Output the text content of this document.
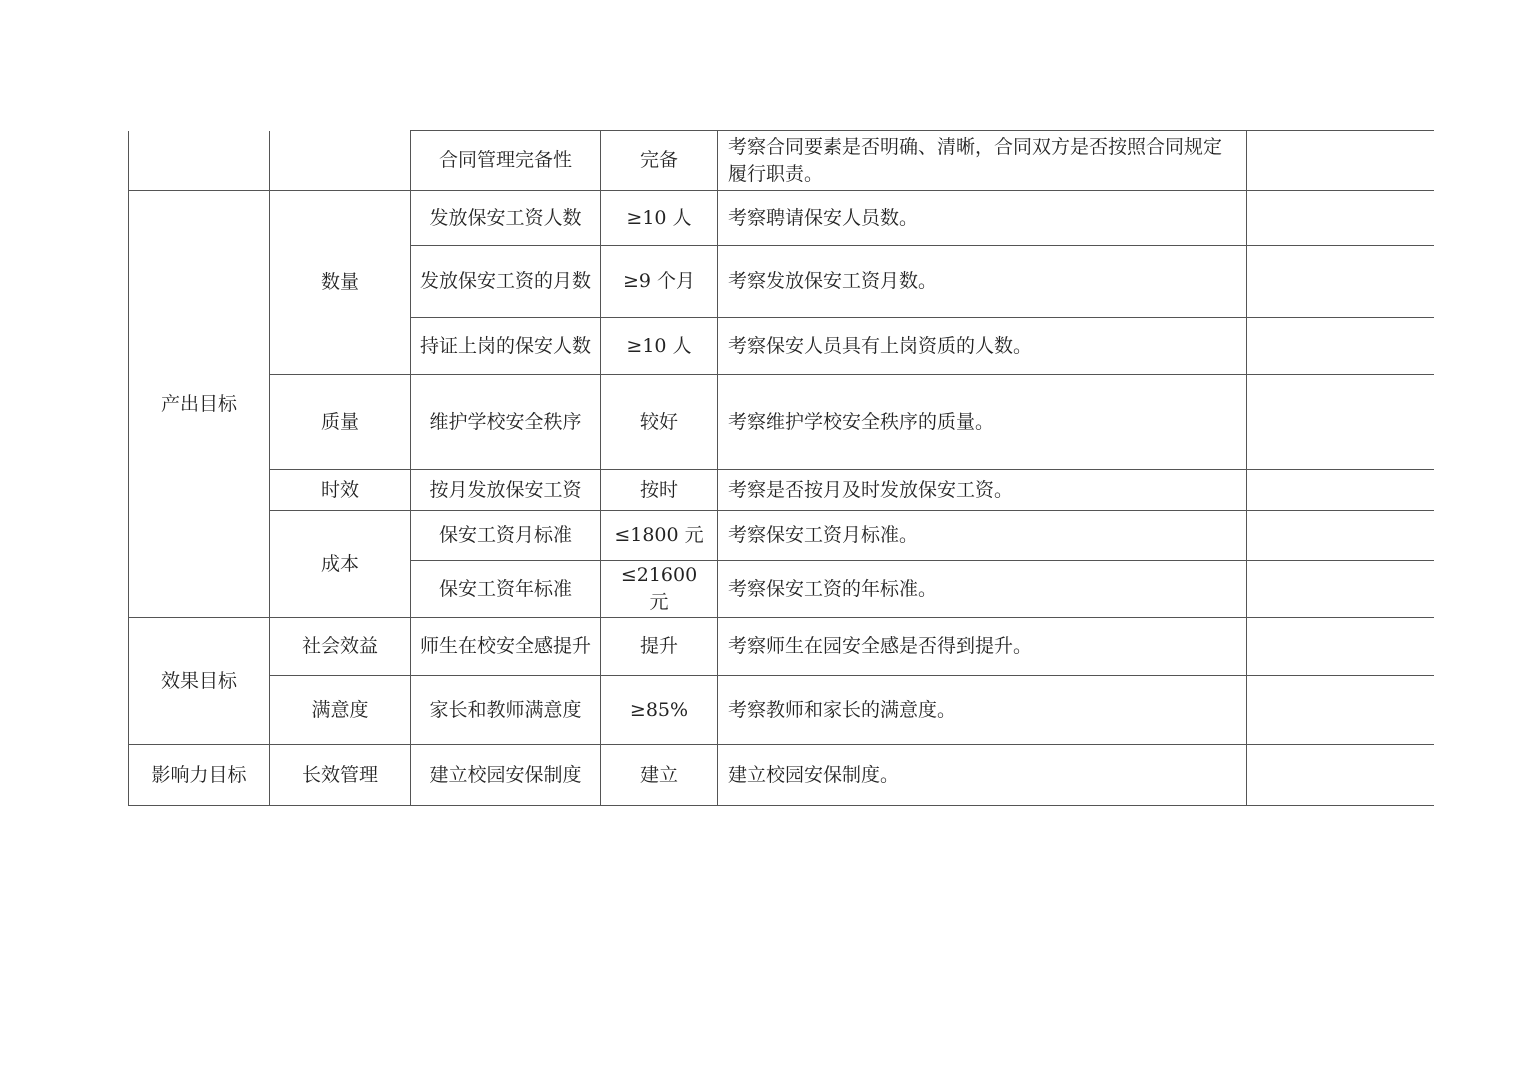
		合同管理完备性	完备	考察合同要素是否明确、清晰，合同双方是否按照合同规定履行职责。	
产出目标	数量	发放保安工资人数	≥10 人	考察聘请保安人员数。	
		发放保安工资的月数	≥9 个月	考察发放保安工资月数。	
		持证上岗的保安人数	≥10 人	考察保安人员具有上岗资质的人数。	
	质量	维护学校安全秩序	较好	考察维护学校安全秩序的质量。	
	时效	按月发放保安工资	按时	考察是否按月及时发放保安工资。	
	成本	保安工资月标准	≤1800 元	考察保安工资月标准。	
		保安工资年标准	≤21600 元	考察保安工资的年标准。	
效果目标	社会效益	师生在校安全感提升	提升	考察师生在园安全感是否得到提升。	
	满意度	家长和教师满意度	≥85%	考察教师和家长的满意度。	
影响力目标	长效管理	建立校园安保制度	建立	建立校园安保制度。	
